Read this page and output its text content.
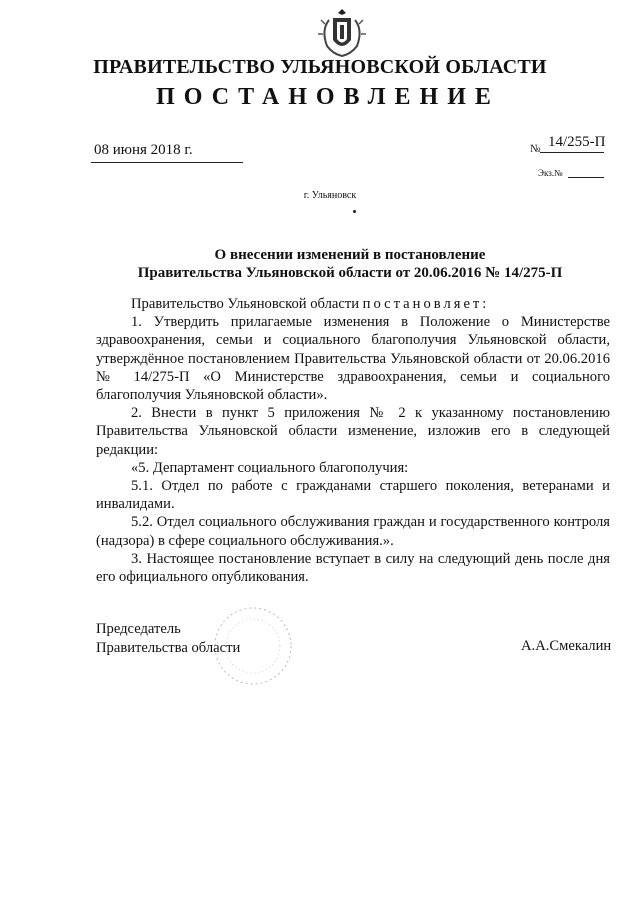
ПРАВИТЕЛЬСТВО УЛЬЯНОВСКОЙ ОБЛАСТИ
ПОСТАНОВЛЕНИЕ
08 июня 2018 г.	№ 14/255-П
Экз.№
г. Ульяновск
О внесении изменений в постановление
Правительства Ульяновской области от 20.06.2016 № 14/275-П

Правительство Ульяновской области постановляет:

1. Утвердить прилагаемые изменения в Положение о Министерстве здравоохранения, семьи и социального благополучия Ульяновской области, утверждённое постановлением Правительства Ульяновской области от 20.06.2016 № 14/275-П «О Министерстве здравоохранения, семьи и социального благополучия Ульяновской области».

2. Внести в пункт 5 приложения № 2 к указанному постановлению Правительства Ульяновской области изменение, изложив его в следующей редакции:

«5. Департамент социального благополучия:

5.1. Отдел по работе с гражданами старшего поколения, ветеранами и инвалидами.

5.2. Отдел социального обслуживания граждан и государственного контроля (надзора) в сфере социального обслуживания.».

3. Настоящее постановление вступает в силу на следующий день после дня его официального опубликования.

Председатель
Правительства области	А.А.Смекалин
